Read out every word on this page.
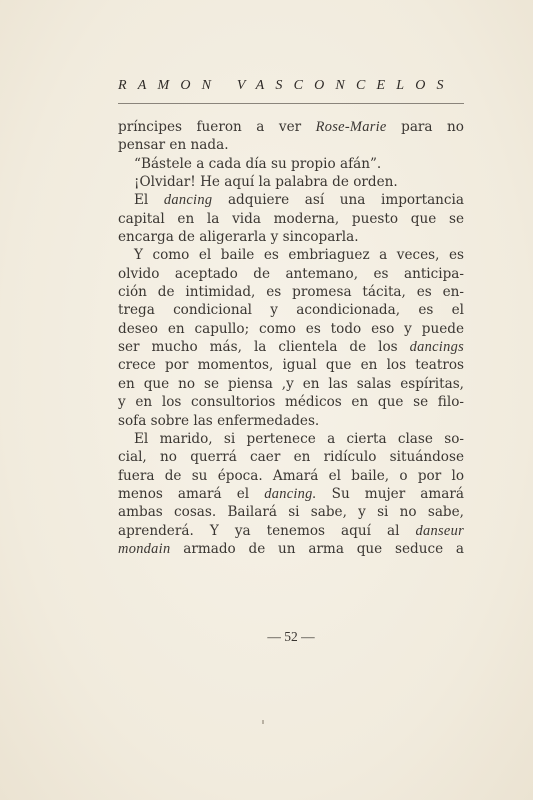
RAMON VASCONCELOS
príncipes fueron a ver Rose-Marie para no
pensar en nada.
“Bástele a cada día su propio afán”.
¡Olvidar! He aquí la palabra de orden.
El dancing adquiere así una importancia
capital en la vida moderna, puesto que se
encarga de aligerarla y sincoparla.
Y como el baile es embriaguez a veces, es
olvido aceptado de antemano, es anticipa-
ción de intimidad, es promesa tácita, es en-
trega condicional y acondicionada, es el
deseo en capullo; como es todo eso y puede
ser mucho más, la clientela de los dancings
crece por momentos, igual que en los teatros
en que no se piensa ,y en las salas espíritas,
y en los consultorios médicos en que se filo-
sofa sobre las enfermedades.
El marido, si pertenece a cierta clase so-
cial, no querrá caer en ridículo situándose
fuera de su época. Amará el baile, o por lo
menos amará el dancing. Su mujer amará
ambas cosas. Bailará si sabe, y si no sabe,
aprenderá. Y ya tenemos aquí al danseur
mondain armado de un arma que seduce a
— 52 —
